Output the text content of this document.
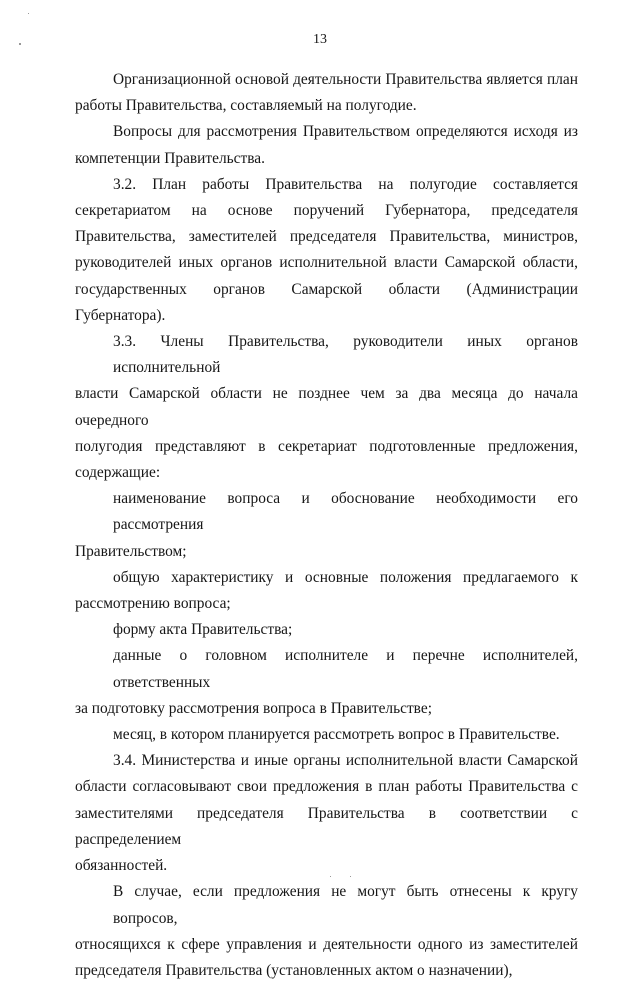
13
Организационной основой деятельности Правительства является план
работы Правительства, составляемый на полугодие.
Вопросы для рассмотрения Правительством определяются исходя из
компетенции Правительства.
3.2. План работы Правительства на полугодие составляется
секретариатом на основе поручений Губернатора, председателя
Правительства, заместителей председателя Правительства, министров,
руководителей иных органов исполнительной власти Самарской области,
государственных органов Самарской области (Администрации Губернатора).
3.3. Члены Правительства, руководители иных органов исполнительной
власти Самарской области не позднее чем за два месяца до начала очередного
полугодия представляют в секретариат подготовленные предложения,
содержащие:
наименование вопроса и обоснование необходимости его рассмотрения
Правительством;
общую характеристику и основные положения предлагаемого к
рассмотрению вопроса;
форму акта Правительства;
данные о головном исполнителе и перечне исполнителей, ответственных
за подготовку рассмотрения вопроса в Правительстве;
месяц, в котором планируется рассмотреть вопрос в Правительстве.
3.4. Министерства и иные органы исполнительной власти Самарской
области согласовывают свои предложения в план работы Правительства с
заместителями председателя Правительства в соответствии с распределением
обязанностей.
В случае, если предложения не могут быть отнесены к кругу вопросов,
относящихся к сфере управления и деятельности одного из заместителей
председателя Правительства (установленных актом о назначении),
